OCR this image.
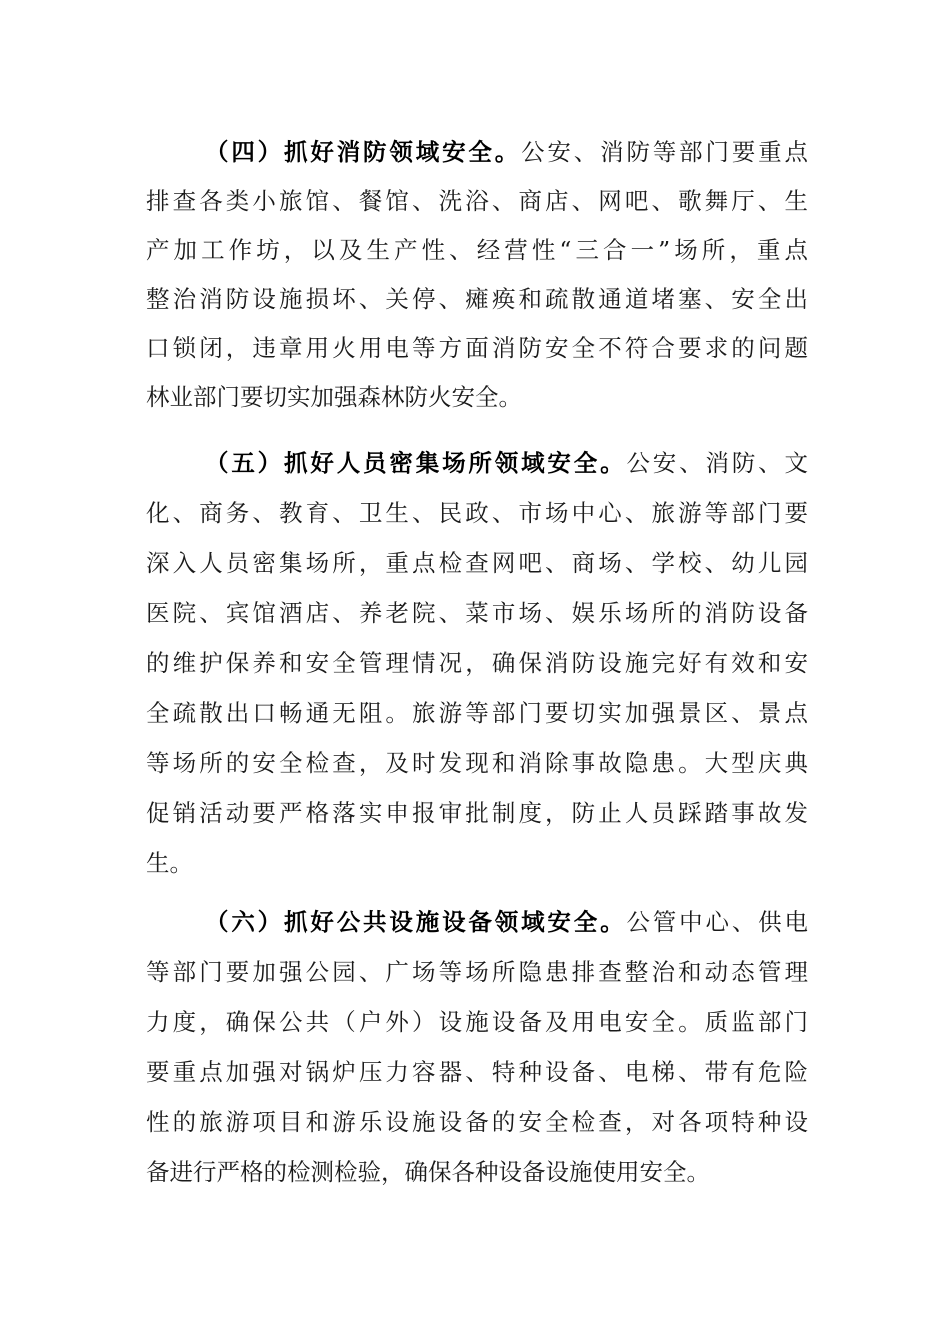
（四）抓好消防领域安全。公安、消防等部门要重点
排查各类小旅馆、餐馆、洗浴、商店、网吧、歌舞厅、生
产加工作坊，以及生产性、经营性“三合一”场所，重点
整治消防设施损坏、关停、瘫痪和疏散通道堵塞、安全出
口锁闭，违章用火用电等方面消防安全不符合要求的问题
林业部门要切实加强森林防火安全。
（五）抓好人员密集场所领域安全。公安、消防、文
化、商务、教育、卫生、民政、市场中心、旅游等部门要
深入人员密集场所，重点检查网吧、商场、学校、幼儿园
医院、宾馆酒店、养老院、菜市场、娱乐场所的消防设备
的维护保养和安全管理情况，确保消防设施完好有效和安
全疏散出口畅通无阻。旅游等部门要切实加强景区、景点
等场所的安全检查，及时发现和消除事故隐患。大型庆典
促销活动要严格落实申报审批制度，防止人员踩踏事故发
生。
（六）抓好公共设施设备领域安全。公管中心、供电
等部门要加强公园、广场等场所隐患排查整治和动态管理
力度，确保公共（户外）设施设备及用电安全。质监部门
要重点加强对锅炉压力容器、特种设备、电梯、带有危险
性的旅游项目和游乐设施设备的安全检查，对各项特种设
备进行严格的检测检验，确保各种设备设施使用安全。
